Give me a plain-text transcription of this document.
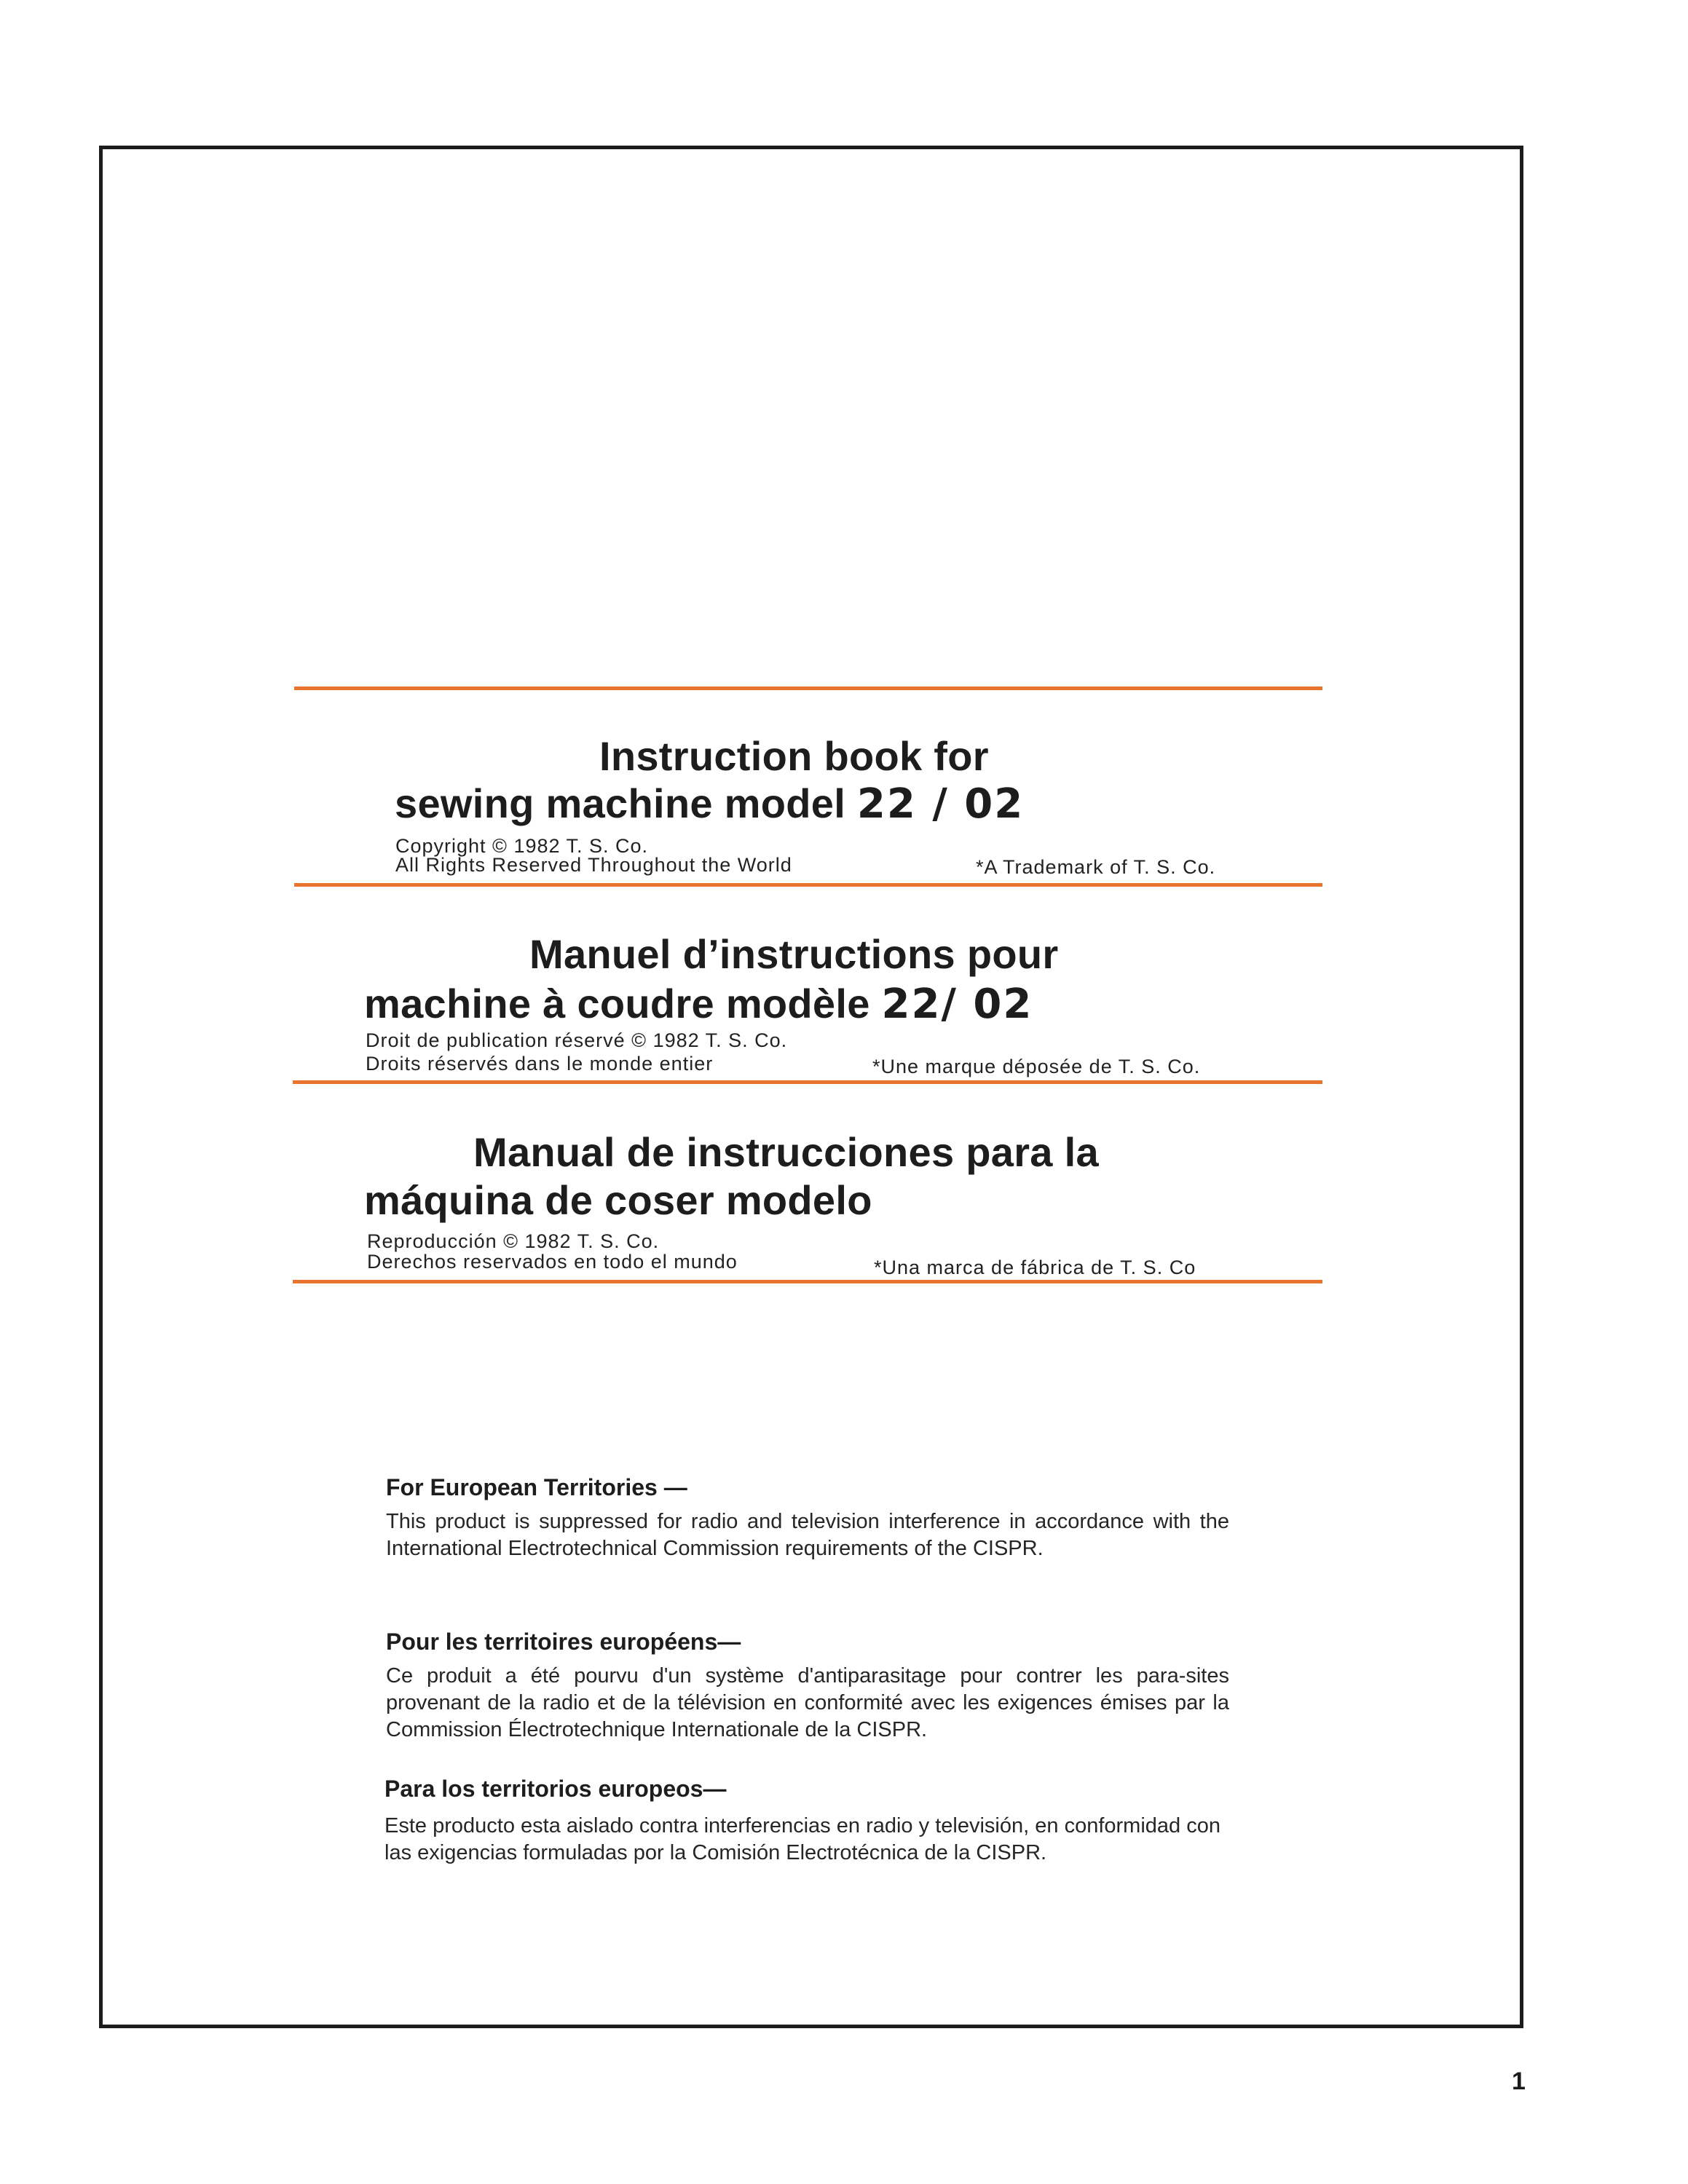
Instruction book for
sewing machine model 22 / 02
Copyright © 1982 T. S. Co.
All Rights Reserved Throughout the World	*A Trademark of T. S. Co.
Manuel d’instructions pour
machine à coudre modèle 22/ 02
Droit de publication réservé © 1982 T. S. Co.
Droits réservés dans le monde entier	*Une marque déposée de T. S. Co.
Manual de instrucciones para la
máquina de coser modelo
Reproducción © 1982 T. S. Co.
Derechos reservados en todo el mundo	*Una marca de fábrica de T. S. Co
For European Territories —
This product is suppressed for radio and television interference in accordance with the International Electrotechnical Commission requirements of the CISPR.
Pour les territoires européens—
Ce produit a été pourvu d'un système d'antiparasitage pour contrer les para-sites provenant de la radio et de la télévision en conformité avec les exigences émises par la Commission Électrotechnique Internationale de la CISPR.
Para los territorios europeos—
Este producto esta aislado contra interferencias en radio y televisión, en conformidad con las exigencias formuladas por la Comisión Electrotécnica de la CISPR.
1
